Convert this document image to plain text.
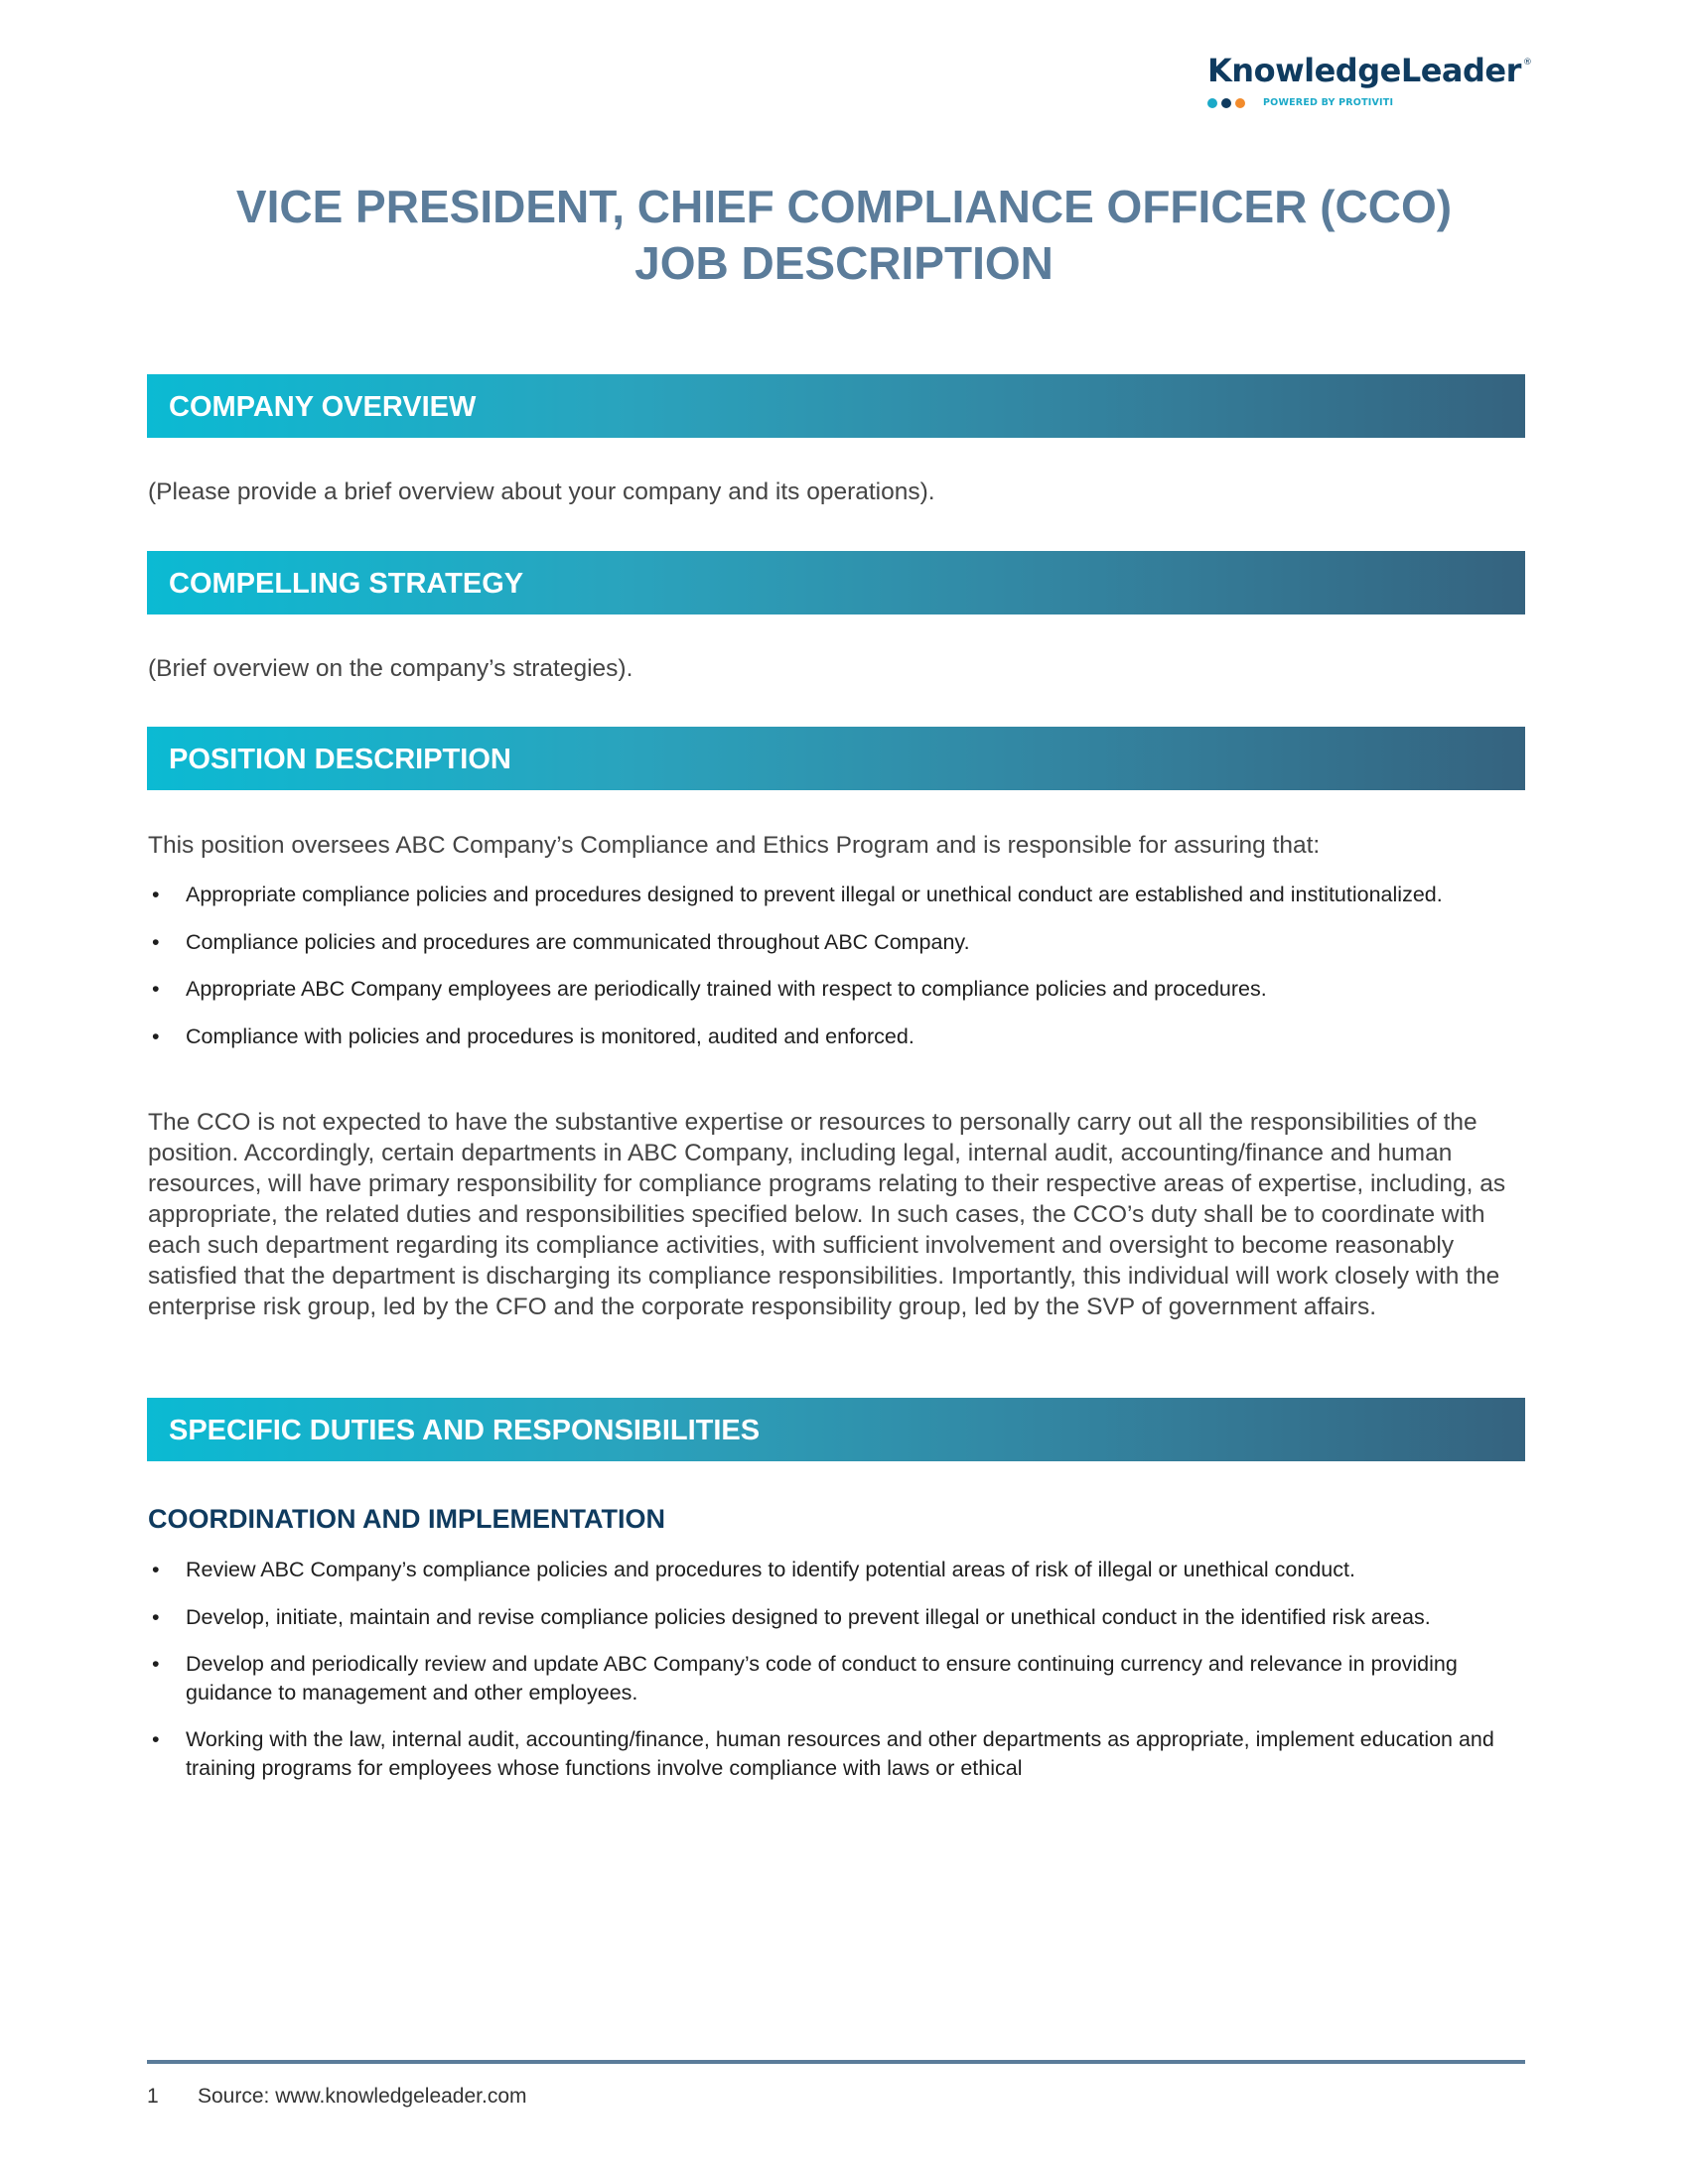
KnowledgeLeader ®
POWERED BY PROTIVITI
VICE PRESIDENT, CHIEF COMPLIANCE OFFICER (CCO)
JOB DESCRIPTION
COMPANY OVERVIEW
(Please provide a brief overview about your company and its operations).
COMPELLING STRATEGY
(Brief overview on the company’s strategies).
POSITION DESCRIPTION
This position oversees ABC Company’s Compliance and Ethics Program and is responsible for assuring that:
• Appropriate compliance policies and procedures designed to prevent illegal or unethical conduct are established and institutionalized.
• Compliance policies and procedures are communicated throughout ABC Company.
• Appropriate ABC Company employees are periodically trained with respect to compliance policies and procedures.
• Compliance with policies and procedures is monitored, audited and enforced.
The CCO is not expected to have the substantive expertise or resources to personally carry out all the responsibilities of the position. Accordingly, certain departments in ABC Company, including legal, internal audit, accounting/finance and human resources, will have primary responsibility for compliance programs relating to their respective areas of expertise, including, as appropriate, the related duties and responsibilities specified below. In such cases, the CCO’s duty shall be to coordinate with each such department regarding its compliance activities, with sufficient involvement and oversight to become reasonably satisfied that the department is discharging its compliance responsibilities. Importantly, this individual will work closely with the enterprise risk group, led by the CFO and the corporate responsibility group, led by the SVP of government affairs.
SPECIFIC DUTIES AND RESPONSIBILITIES
COORDINATION AND IMPLEMENTATION
• Review ABC Company’s compliance policies and procedures to identify potential areas of risk of illegal or unethical conduct.
• Develop, initiate, maintain and revise compliance policies designed to prevent illegal or unethical conduct in the identified risk areas.
• Develop and periodically review and update ABC Company’s code of conduct to ensure continuing currency and relevance in providing guidance to management and other employees.
• Working with the law, internal audit, accounting/finance, human resources and other departments as appropriate, implement education and training programs for employees whose functions involve compliance with laws or ethical
1 Source: www.knowledgeleader.com
